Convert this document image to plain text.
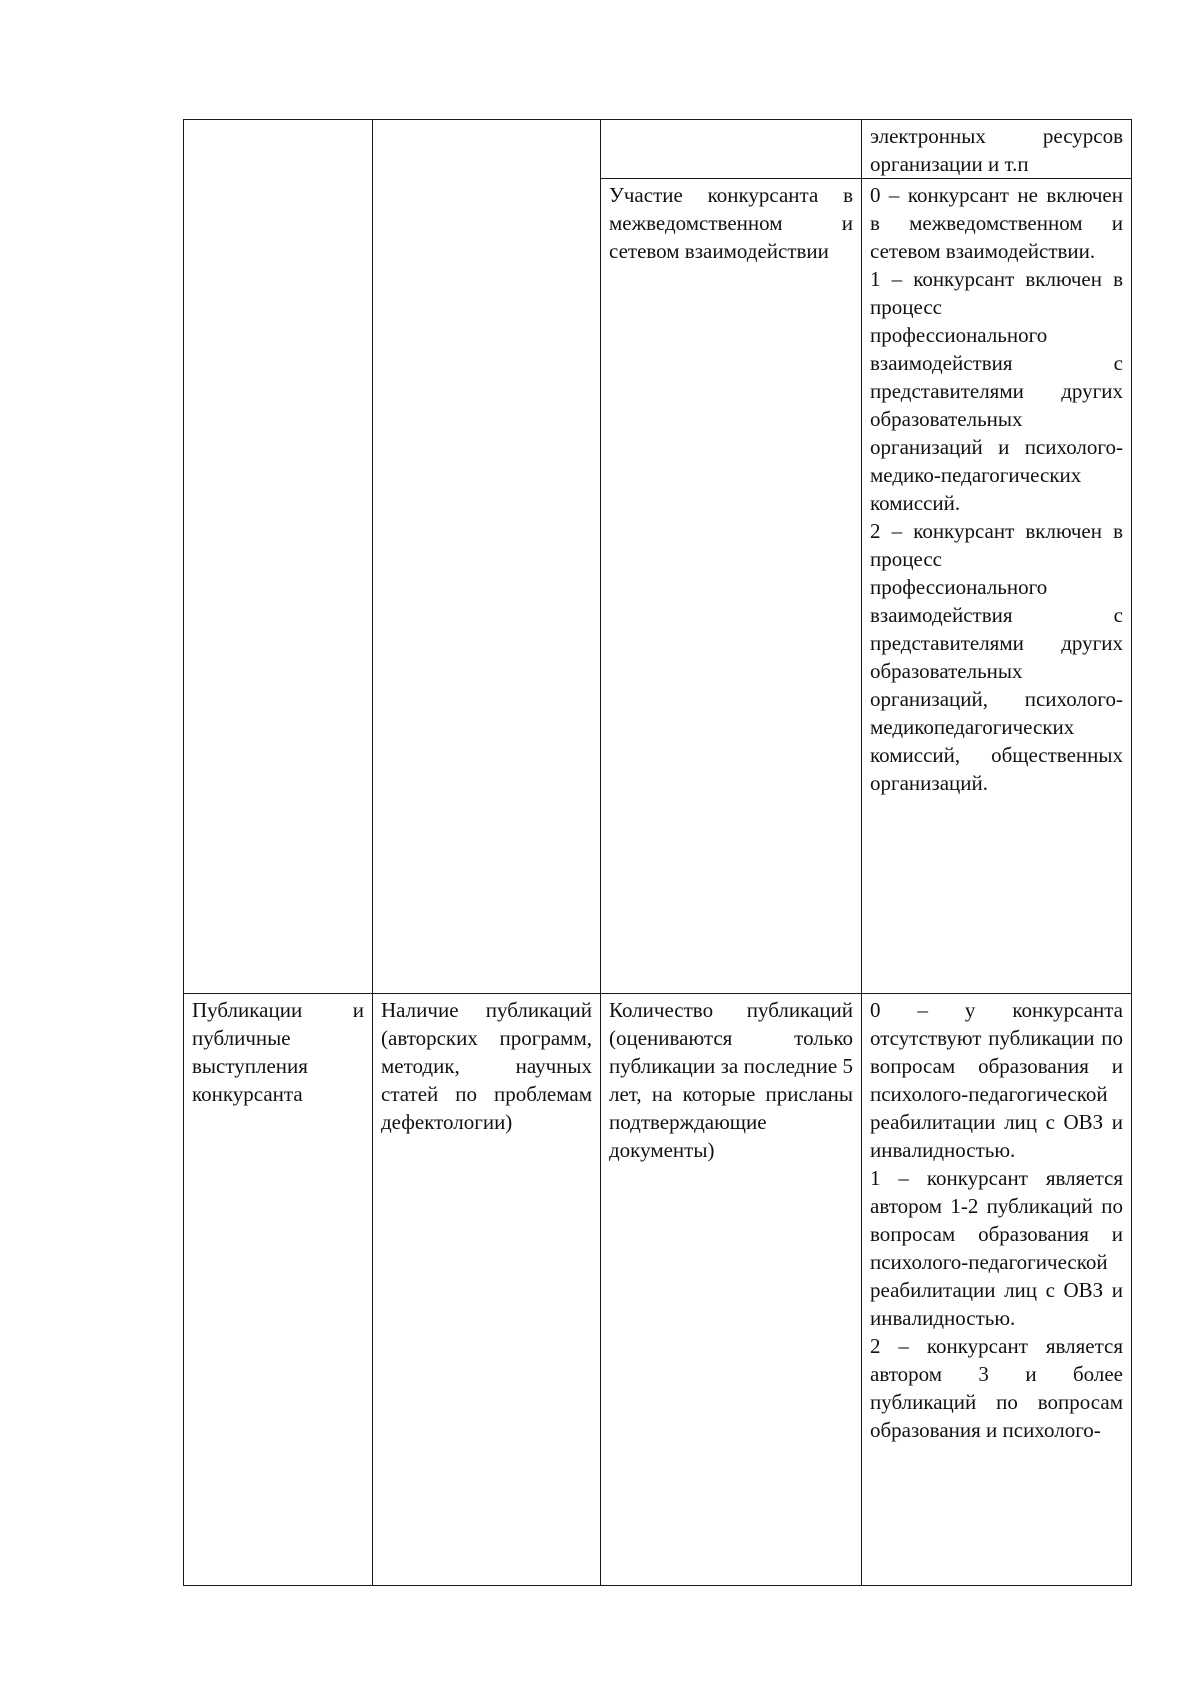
			электронных ресурсов организации и т.п

		Участие конкурсанта в межведомственном и сетевом взаимодействии	0 – конкурсант не включен в межведомственном и сетевом взаимодействии.
1 – конкурсант включен в процесс профессионального взаимодействия с представителями других образовательных организаций и психолого-медико-педагогических комиссий.
2 – конкурсант включен в процесс профессионального взаимодействия с представителями других образовательных организаций, психолого-медикопедагогических комиссий, общественных организаций.

Публикации и публичные выступления конкурсанта	Наличие публикаций (авторских программ, методик, научных статей по проблемам дефектологии)	Количество публикаций (оцениваются только публикации за последние 5 лет, на которые присланы подтверждающие документы)	0 – у конкурсанта отсутствуют публикации по вопросам образования и психолого-педагогической реабилитации лиц с ОВЗ и инвалидностью.
1 – конкурсант является автором 1-2 публикаций по вопросам образования и психолого-педагогической реабилитации лиц с ОВЗ и инвалидностью.
2 – конкурсант является автором 3 и более публикаций по вопросам образования и психолого-
